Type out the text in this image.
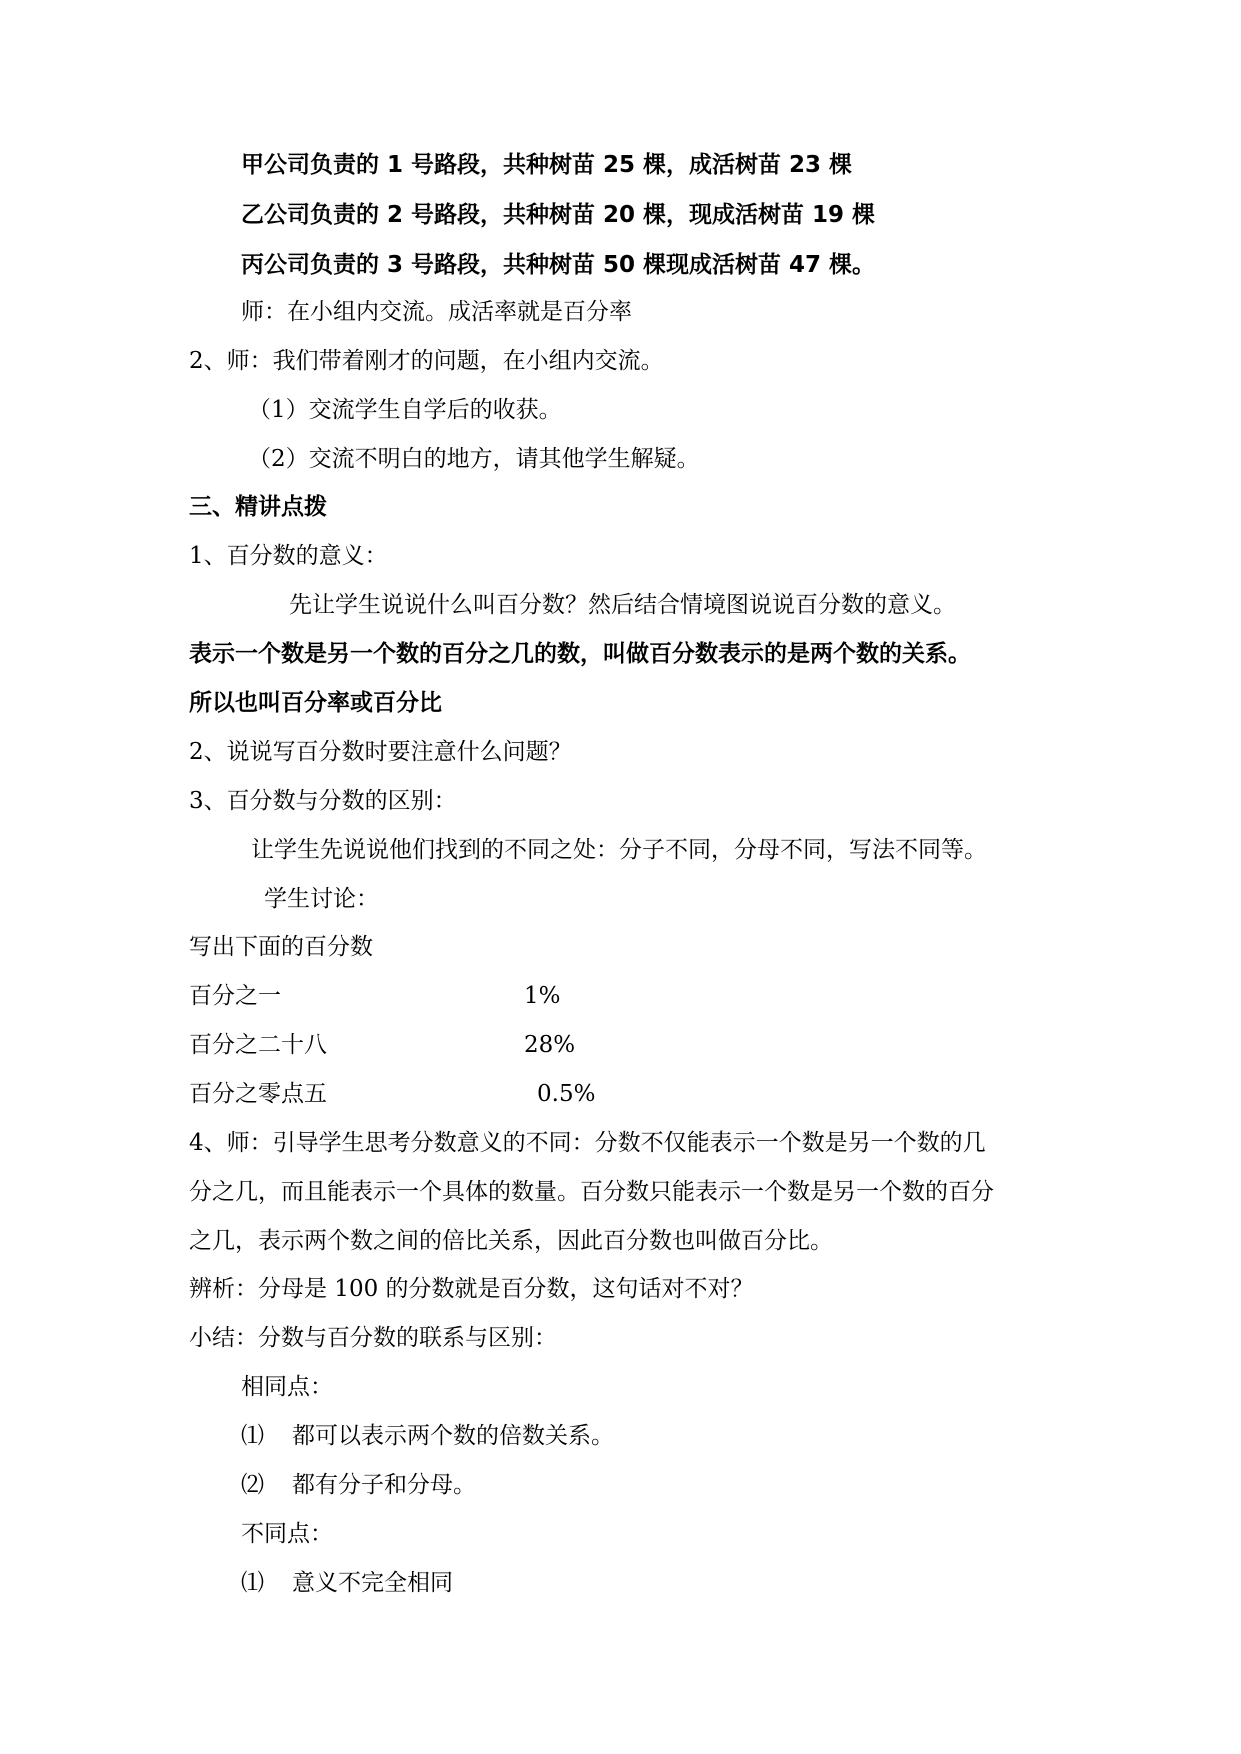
甲公司负责的 1 号路段，共种树苗 25 棵，成活树苗 23 棵
乙公司负责的 2 号路段，共种树苗 20 棵，现成活树苗 19 棵
丙公司负责的 3 号路段，共种树苗 50 棵现成活树苗 47 棵。
师：在小组内交流。成活率就是百分率
2、师：我们带着刚才的问题，在小组内交流。
（1）交流学生自学后的收获。
（2）交流不明白的地方，请其他学生解疑。
三、精讲点拨
1、百分数的意义：
先让学生说说什么叫百分数？然后结合情境图说说百分数的意义。
表示一个数是另一个数的百分之几的数，叫做百分数表示的是两个数的关系。
所以也叫百分率或百分比
2、说说写百分数时要注意什么问题？
3、百分数与分数的区别：
让学生先说说他们找到的不同之处：分子不同，分母不同，写法不同等。
学生讨论：
写出下面的百分数
百分之一	1%
百分之二十八	28%
百分之零点五	0.5%
4、师：引导学生思考分数意义的不同：分数不仅能表示一个数是另一个数的几
分之几，而且能表示一个具体的数量。百分数只能表示一个数是另一个数的百分
之几，表示两个数之间的倍比关系，因此百分数也叫做百分比。
辨析：分母是 100 的分数就是百分数，这句话对不对？
小结：分数与百分数的联系与区别：
相同点：
⑴ 都可以表示两个数的倍数关系。
⑵ 都有分子和分母。
不同点：
⑴ 意义不完全相同
